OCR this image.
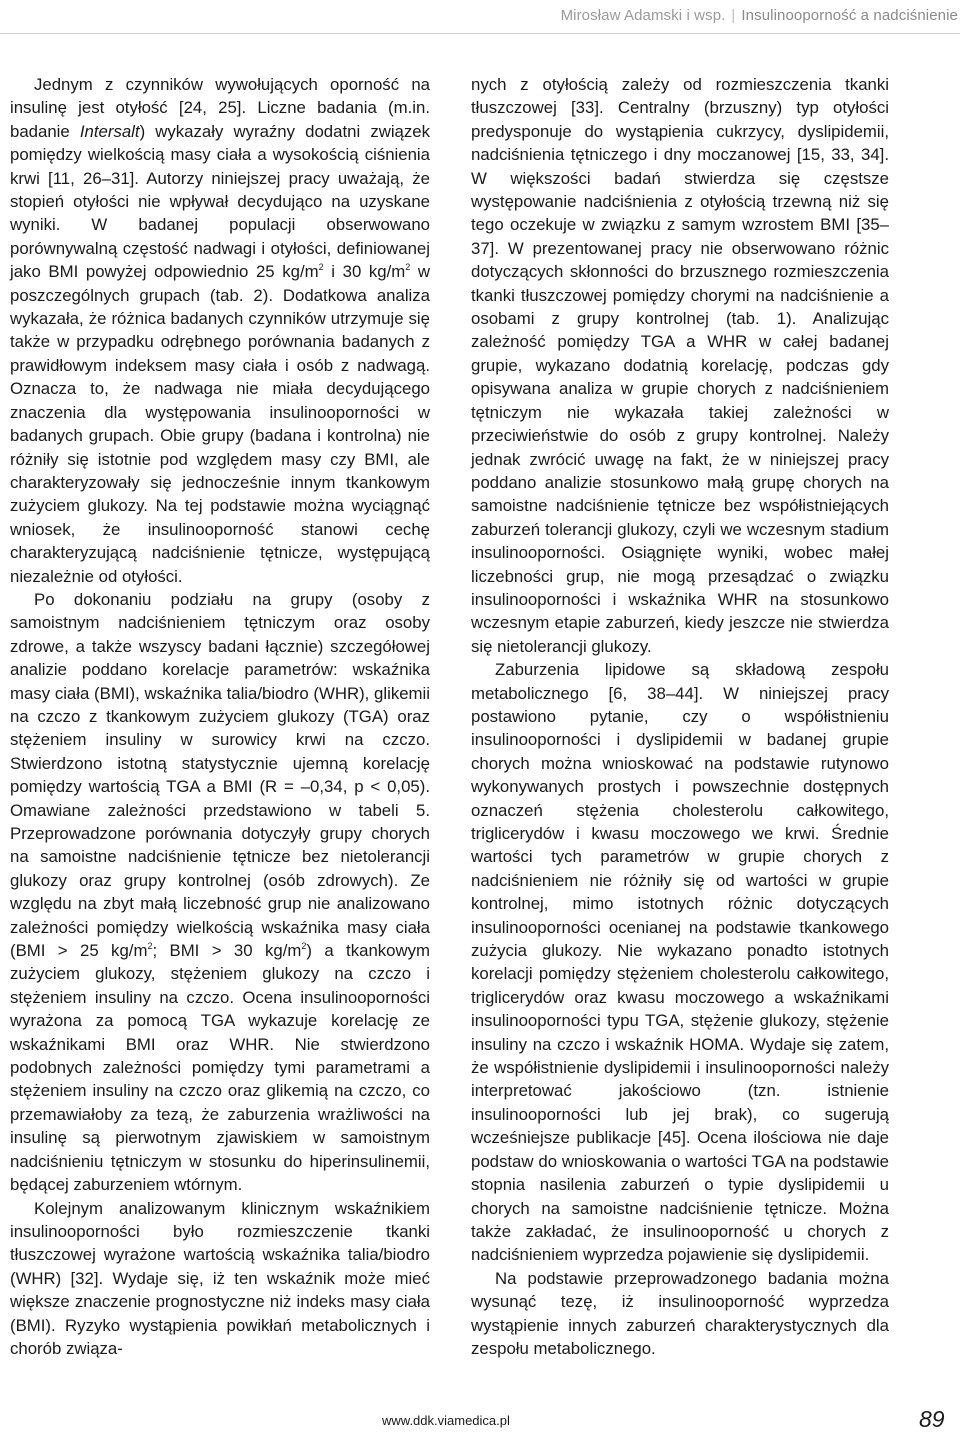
Mirosław Adamski i wsp. | Insulinooporność a nadciśnienie

Jednym z czynników wywołujących oporność na insulinę jest otyłość [24, 25]. Liczne badania (m.in. badanie Intersalt) wykazały wyraźny dodatni związek pomiędzy wielkością masy ciała a wysokością ciśnienia krwi [11, 26–31]. Autorzy niniejszej pracy uważają, że stopień otyłości nie wpływał decydująco na uzyskane wyniki. W badanej populacji obserwowano porównywalną częstość nadwagi i otyłości, definiowanej jako BMI powyżej odpowiednio 25 $kg/m^2$ i 30 $kg/m^2$ w poszczególnych grupach (tab. 2). Dodatkowa analiza wykazała, że różnica badanych czynników utrzymuje się także w przypadku odrębnego porównania badanych z prawidłowym indeksem masy ciała i osób z nadwagą. Oznacza to, że nadwaga nie miała decydującego znaczenia dla występowania insulinooporności w badanych grupach. Obie grupy (badana i kontrolna) nie różniły się istotnie pod względem masy czy BMI, ale charakteryzowały się jednocześnie innym tkankowym zużyciem glukozy. Na tej podstawie można wyciągnąć wniosek, że insulinooporność stanowi cechę charakteryzującą nadciśnienie tętnicze, występującą niezależnie od otyłości.

Po dokonaniu podziału na grupy (osoby z samoistnym nadciśnieniem tętniczym oraz osoby zdrowe, a także wszyscy badani łącznie) szczegółowej analizie poddano korelacje parametrów: wskaźnika masy ciała (BMI), wskaźnika talia/biodro (WHR), glikemii na czczo z tkankowym zużyciem glukozy (TGA) oraz stężeniem insuliny w surowicy krwi na czczo. Stwierdzono istotną statystycznie ujemną korelację pomiędzy wartością TGA a BMI (R = –0,34, p < 0,05). Omawiane zależności przedstawiono w tabeli 5. Przeprowadzone porównania dotyczyły grupy chorych na samoistne nadciśnienie tętnicze bez nietolerancji glukozy oraz grupy kontrolnej (osób zdrowych). Ze względu na zbyt małą liczebność grup nie analizowano zależności pomiędzy wielkością wskaźnika masy ciała (BMI > 25 $kg/m^2$; BMI > 30 $kg/m^2$) a tkankowym zużyciem glukozy, stężeniem glukozy na czczo i stężeniem insuliny na czczo. Ocena insulinooporności wyrażona za pomocą TGA wykazuje korelację ze wskaźnikami BMI oraz WHR. Nie stwierdzono podobnych zależności pomiędzy tymi parametrami a stężeniem insuliny na czczo oraz glikemią na czczo, co przemawiałoby za tezą, że zaburzenia wrażliwości na insulinę są pierwotnym zjawiskiem w samoistnym nadciśnieniu tętniczym w stosunku do hiperinsulinemii, będącej zaburzeniem wtórnym.

Kolejnym analizowanym klinicznym wskaźnikiem insulinooporności było rozmieszczenie tkanki tłuszczowej wyrażone wartością wskaźnika talia/biodro (WHR) [32]. Wydaje się, iż ten wskaźnik może mieć większe znaczenie prognostyczne niż indeks masy ciała (BMI). Ryzyko wystąpienia powikłań metabolicznych i chorób związa-

nych z otyłością zależy od rozmieszczenia tkanki tłuszczowej [33]. Centralny (brzuszny) typ otyłości predysponuje do wystąpienia cukrzycy, dyslipidemii, nadciśnienia tętniczego i dny moczanowej [15, 33, 34]. W większości badań stwierdza się częstsze występowanie nadciśnienia z otyłością trzewną niż się tego oczekuje w związku z samym wzrostem BMI [35–37]. W prezentowanej pracy nie obserwowano różnic dotyczących skłonności do brzusznego rozmieszczenia tkanki tłuszczowej pomiędzy chorymi na nadciśnienie a osobami z grupy kontrolnej (tab. 1). Analizując zależność pomiędzy TGA a WHR w całej badanej grupie, wykazano dodatnią korelację, podczas gdy opisywana analiza w grupie chorych z nadciśnieniem tętniczym nie wykazała takiej zależności w przeciwieństwie do osób z grupy kontrolnej. Należy jednak zwrócić uwagę na fakt, że w niniejszej pracy poddano analizie stosunkowo małą grupę chorych na samoistne nadciśnienie tętnicze bez współistniejących zaburzeń tolerancji glukozy, czyli we wczesnym stadium insulinooporności. Osiągnięte wyniki, wobec małej liczebności grup, nie mogą przesądzać o związku insulinooporności i wskaźnika WHR na stosunkowo wczesnym etapie zaburzeń, kiedy jeszcze nie stwierdza się nietolerancji glukozy.

Zaburzenia lipidowe są składową zespołu metabolicznego [6, 38–44]. W niniejszej pracy postawiono pytanie, czy o współistnieniu insulinooporności i dyslipidemii w badanej grupie chorych można wnioskować na podstawie rutynowo wykonywanych prostych i powszechnie dostępnych oznaczeń stężenia cholesterolu całkowitego, triglicerydów i kwasu moczowego we krwi. Średnie wartości tych parametrów w grupie chorych z nadciśnieniem nie różniły się od wartości w grupie kontrolnej, mimo istotnych różnic dotyczących insulinooporności ocenianej na podstawie tkankowego zużycia glukozy. Nie wykazano ponadto istotnych korelacji pomiędzy stężeniem cholesterolu całkowitego, triglicerydów oraz kwasu moczowego a wskaźnikami insulinooporności typu TGA, stężenie glukozy, stężenie insuliny na czczo i wskaźnik HOMA. Wydaje się zatem, że współistnienie dyslipidemii i insulinooporności należy interpretować jakościowo (tzn. istnienie insulinooporności lub jej brak), co sugerują wcześniejsze publikacje [45]. Ocena ilościowa nie daje podstaw do wnioskowania o wartości TGA na podstawie stopnia nasilenia zaburzeń o typie dyslipidemii u chorych na samoistne nadciśnienie tętnicze. Można także zakładać, że insulinooporność u chorych z nadciśnieniem wyprzedza pojawienie się dyslipidemii.

Na podstawie przeprowadzonego badania można wysunąć tezę, iż insulinooporność wyprzedza wystąpienie innych zaburzeń charakterystycznych dla zespołu metabolicznego.

www.ddk.viamedica.pl	89
